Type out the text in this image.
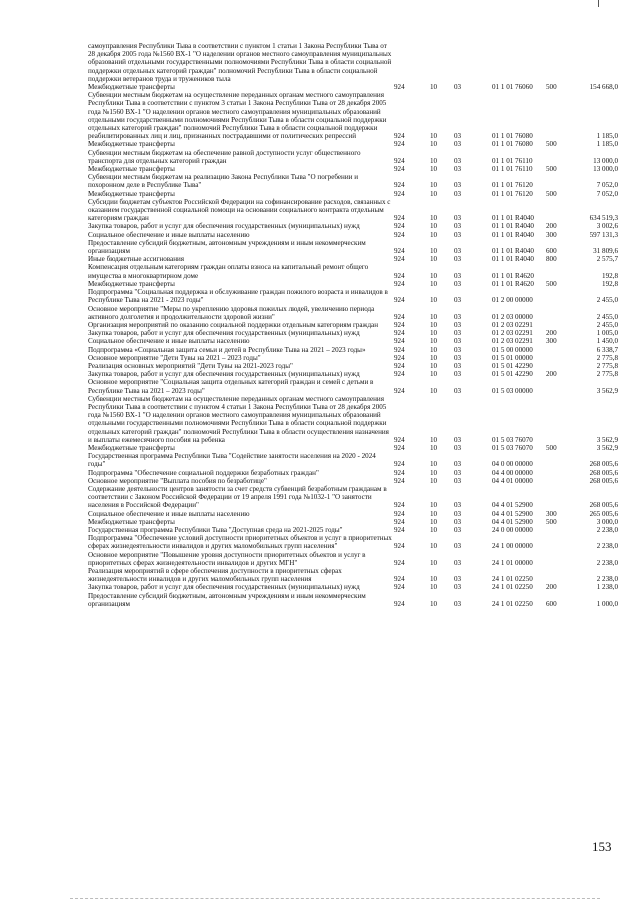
самоуправления Республики Тыва в соответствии с пунктом 1 статьи 1 Закона Республики Тыва от 28 декабря 2005 года №1560 ВХ-1 "О наделении органов местного самоуправления муниципальных образований отдельными государственными полномочиями Республики Тыва в области социальной поддержки отдельных категорий граждан" полномочий Республики Тыва в области социальной поддержки ветеранов труда и тружеников тыла						
Межбюджетные трансферты	924	10	03	01 1 01 76060	500	154 668,0
Субвенции местным бюджетам на осуществление переданных органам местного самоуправления Республики Тыва в соответствии с пунктом 3 статьи 1 Закона Республики Тыва от 28 декабря 2005 года №1560 ВХ-1 "О наделении органов местного самоуправления муниципальных образований отдельными государственными полномочиями Республики Тыва в области социальной поддержки отдельных категорий граждан" полномочий Республики Тыва в области социальной поддержки реабилитированных лиц и лиц, признанных пострадавшими от политических репрессий	924	10	03	01 1 01 76080		1 185,0
Межбюджетные трансферты	924	10	03	01 1 01 76080	500	1 185,0
Субвенции местным бюджетам на обеспечение равной доступности услуг общественного транспорта для отдельных категорий граждан	924	10	03	01 1 01 76110		13 000,0
Межбюджетные трансферты	924	10	03	01 1 01 76110	500	13 000,0
Субвенции местным бюджетам на реализацию Закона Республики Тыва "О погребении и похоронном деле в Республике Тыва"	924	10	03	01 1 01 76120		7 052,0
Межбюджетные трансферты	924	10	03	01 1 01 76120	500	7 052,0
Субсидии бюджетам субъектов Российской Федерации на софинансирование расходов, связанных с оказанием государственной социальной помощи на основании социального контракта отдельным категориям граждан	924	10	03	01 1 01 R4040		634 519,3
Закупка товаров, работ и услуг для обеспечения государственных (муниципальных) нужд	924	10	03	01 1 01 R4040	200	3 002,6
Социальное обеспечение и иные выплаты населению	924	10	03	01 1 01 R4040	300	597 131,3
Предоставление субсидий бюджетным, автономным учреждениям и иным некоммерческим организациям	924	10	03	01 1 01 R4040	600	31 809,6
Иные бюджетные ассигнования	924	10	03	01 1 01 R4040	800	2 575,7
Компенсация отдельным категориям граждан оплаты взноса на капитальный ремонт общего имущества в многоквартирном доме	924	10	03	01 1 01 R4620		192,8
Межбюджетные трансферты	924	10	03	01 1 01 R4620	500	192,8
Подпрограмма "Социальная поддержка и обслуживание граждан пожилого возраста и инвалидов в Республике Тыва на 2021 - 2023 годы"	924	10	03	01 2 00 00000		2 455,0
Основное мероприятие "Меры по укреплению здоровья пожилых людей, увеличению периода активного долголетия и продолжительности здоровой жизни"	924	10	03	01 2 03 00000		2 455,0
Организация мероприятий по оказанию социальной поддержки отдельным категориям граждан	924	10	03	01 2 03 02291		2 455,0
Закупка товаров, работ и услуг для обеспечения государственных (муниципальных) нужд	924	10	03	01 2 03 02291	200	1 005,0
Социальное обеспечение и иные выплаты населению	924	10	03	01 2 03 02291	300	1 450,0
Подпрограмма «Социальная защита семьи и детей в Республике Тыва на 2021 – 2023 годы»	924	10	03	01 5 00 00000		6 338,7
Основное мероприятие "Дети Тувы на 2021 – 2023 годы"	924	10	03	01 5 01 00000		2 775,8
Реализация основных мероприятий "Дети Тувы на 2021-2023 годы"	924	10	03	01 5 01 42290		2 775,8
Закупка товаров, работ и услуг для обеспечения государственных (муниципальных) нужд	924	10	03	01 5 01 42290	200	2 775,8
Основное мероприятие "Социальная защита отдельных категорий граждан и семей с детьми в Республике Тыва на 2021 – 2023 годы"	924	10	03	01 5 03 00000		3 562,9
Субвенции местным бюджетам на осуществление переданных органам местного самоуправления Республики Тыва в соответствии с пунктом 4 статьи 1 Закона Республики Тыва от 28 декабря 2005 года №1560 ВХ-1 "О наделении органов местного самоуправления муниципальных образований отдельными государственными полномочиями Республики Тыва в области социальной поддержки отдельных категорий граждан" полномочий Республики Тыва в области осуществления назначения и выплаты ежемесячного пособия на ребенка	924	10	03	01 5 03 76070		3 562,9
Межбюджетные трансферты	924	10	03	01 5 03 76070	500	3 562,9
Государственная программа Республики Тыва "Содействие занятости населения на 2020 - 2024 годы"	924	10	03	04 0 00 00000		268 005,6
Подпрограмма "Обеспечение социальной поддержки безработных граждан"	924	10	03	04 4 00 00000		268 005,6
Основное мероприятие "Выплата пособия по безработице"	924	10	03	04 4 01 00000		268 005,6
Содержание деятельности центров занятости за счет средств субвенций безработным гражданам в соответствии с Законом Российской Федерации от 19 апреля 1991 года №1032-1 "О занятости населения в Российской Федерации"	924	10	03	04 4 01 52900		268 005,6
Социальное обеспечение и иные выплаты населению	924	10	03	04 4 01 52900	300	265 005,6
Межбюджетные трансферты	924	10	03	04 4 01 52900	500	3 000,0
Государственная программа Республики Тыва "Доступная среда на 2021-2025 годы"	924	10	03	24 0 00 00000		2 238,0
Подпрограмма "Обеспечение условий доступности приоритетных объектов и услуг в приоритетных сферах жизнедеятельности инвалидов и других маломобильных групп населения"	924	10	03	24 1 00 00000		2 238,0
Основное мероприятие "Повышение уровня доступности приоритетных объектов и услуг в приоритетных сферах жизнедеятельности инвалидов и других МГН"	924	10	03	24 1 01 00000		2 238,0
Реализация мероприятий в сфере обеспечения доступности в приоритетных сферах жизнедеятельности инвалидов и других маломобильных групп населения	924	10	03	24 1 01 02250		2 238,0
Закупка товаров, работ и услуг для обеспечения государственных (муниципальных) нужд	924	10	03	24 1 01 02250	200	1 238,0
Предоставление субсидий бюджетным, автономным учреждениям и иным некоммерческим организациям	924	10	03	24 1 01 02250	600	1 000,0
153
